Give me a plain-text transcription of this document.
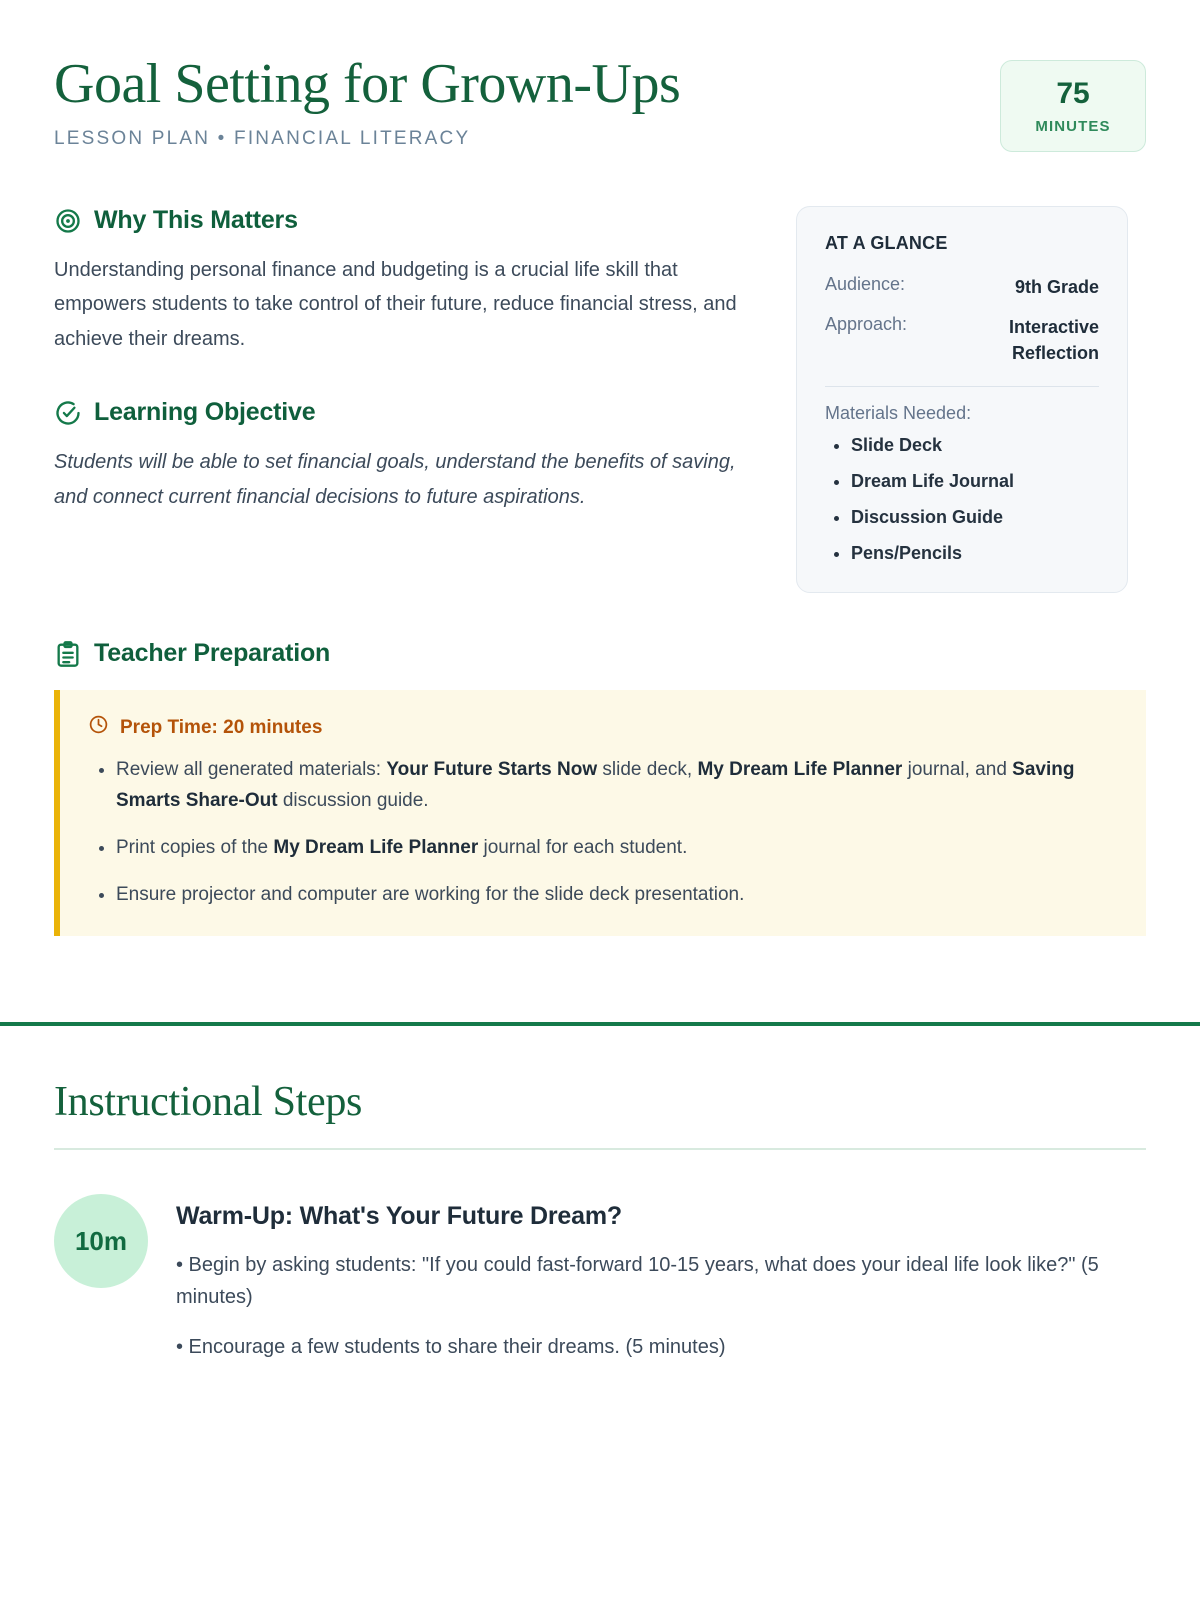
Goal Setting for Grown-Ups
LESSON PLAN • FINANCIAL LITERACY
75
MINUTES
Why This Matters
Understanding personal finance and budgeting is a crucial life skill that empowers students to take control of their future, reduce financial stress, and achieve their dreams.
Learning Objective
Students will be able to set financial goals, understand the benefits of saving, and connect current financial decisions to future aspirations.
AT A GLANCE
Audience:	9th Grade
Approach:	Interactive Reflection
Materials Needed:
• Slide Deck
• Dream Life Journal
• Discussion Guide
• Pens/Pencils
Teacher Preparation
Prep Time: 20 minutes
• Review all generated materials: Your Future Starts Now slide deck, My Dream Life Planner journal, and Saving Smarts Share-Out discussion guide.
• Print copies of the My Dream Life Planner journal for each student.
• Ensure projector and computer are working for the slide deck presentation.
Instructional Steps
10m
Warm-Up: What's Your Future Dream?

• Begin by asking students: "If you could fast-forward 10-15 years, what does your ideal life look like?" (5 minutes)

• Encourage a few students to share their dreams. (5 minutes)
